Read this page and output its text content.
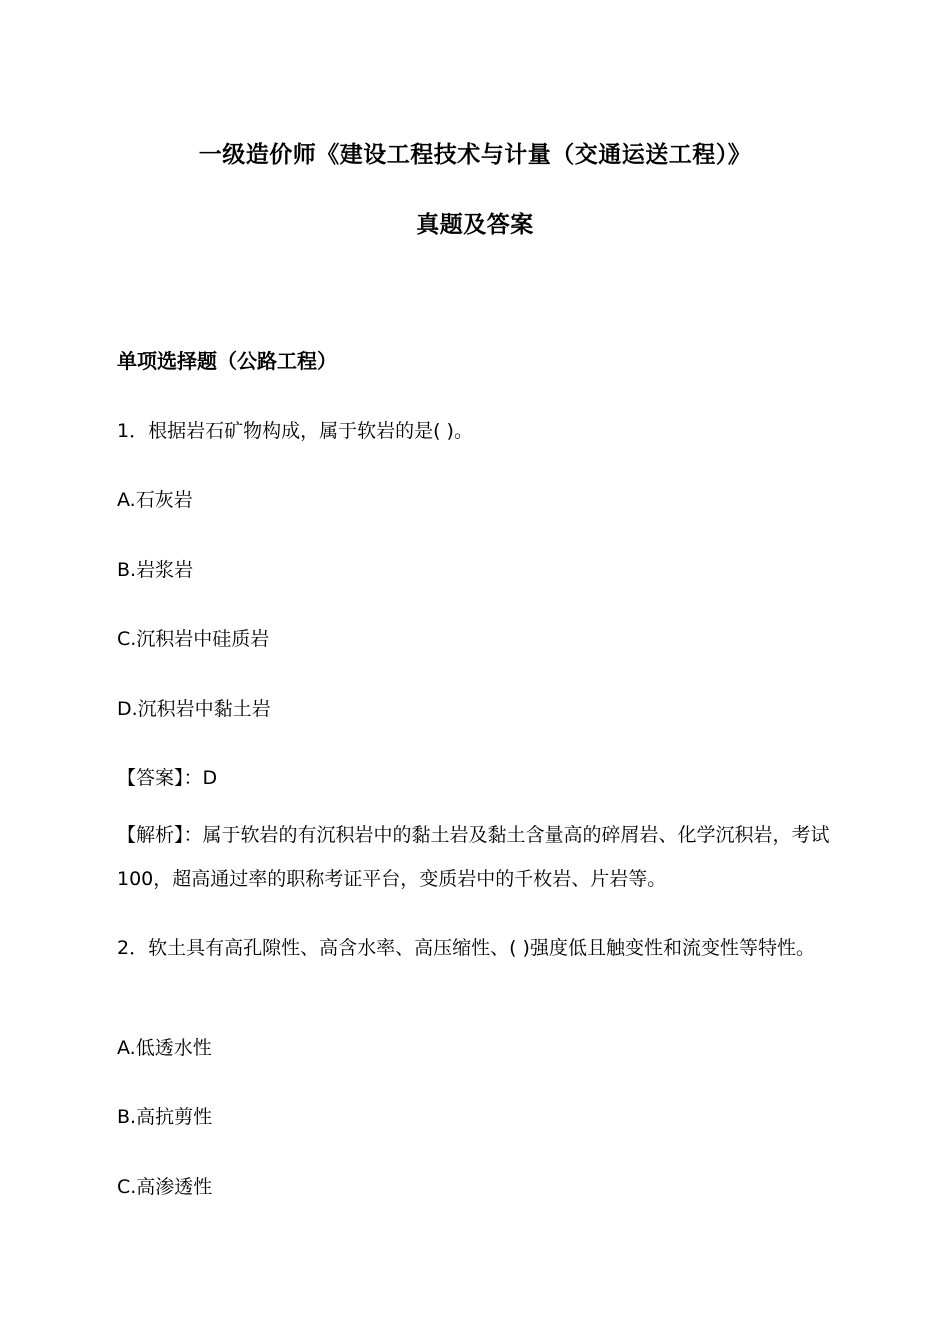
一级造价师《建设工程技术与计量（交通运送工程）》
真题及答案
单项选择题（公路工程）
1．根据岩石矿物构成，属于软岩的是( )。
A.石灰岩
B.岩浆岩
C.沉积岩中硅质岩
D.沉积岩中黏土岩
【答案】：D
【解析】：属于软岩的有沉积岩中的黏土岩及黏土含量高的碎屑岩、化学沉积岩，考试100，超高通过率的职称考证平台，变质岩中的千枚岩、片岩等。
2．软土具有高孔隙性、高含水率、高压缩性、( )强度低且触变性和流变性等特性。
A.低透水性
B.高抗剪性
C.高渗透性
